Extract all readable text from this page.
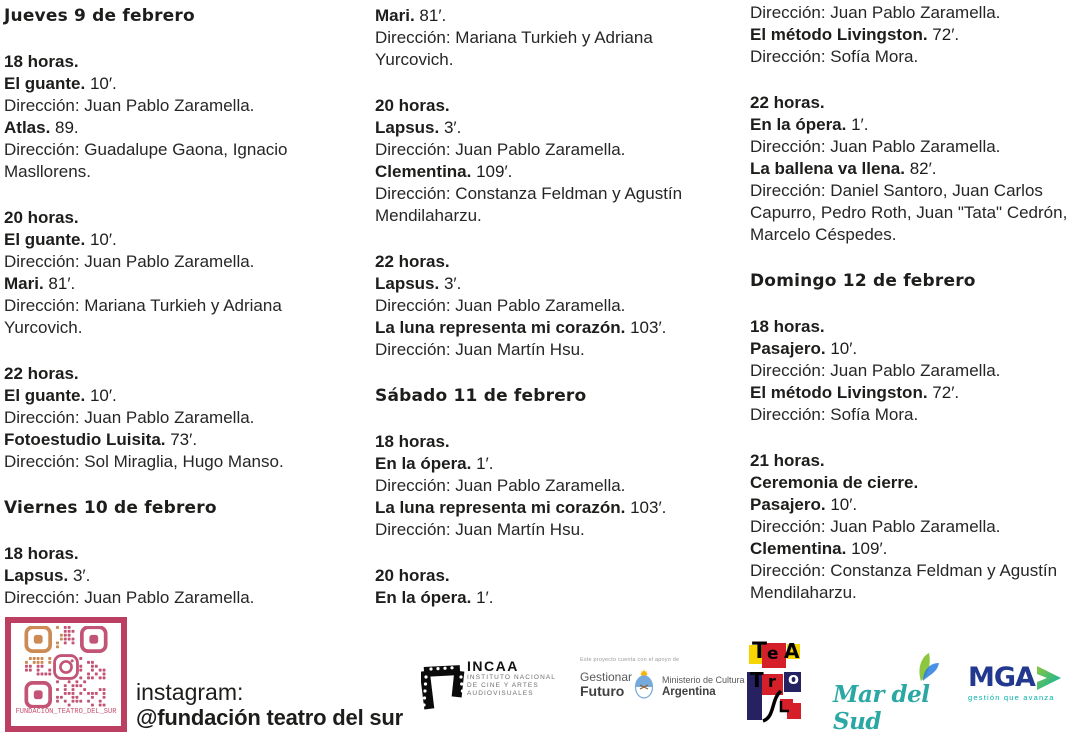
Jueves 9 de febrero
18 horas.
El guante. 10′.
Dirección: Juan Pablo Zaramella.
Atlas. 89.
Dirección: Guadalupe Gaona, Ignacio Masllorens.
20 horas.
El guante. 10′.
Dirección: Juan Pablo Zaramella.
Mari. 81′.
Dirección: Mariana Turkieh y Adriana Yurcovich.
22 horas.
El guante. 10′.
Dirección: Juan Pablo Zaramella.
Fotoestudio Luisita. 73′.
Dirección: Sol Miraglia, Hugo Manso.
Viernes 10 de febrero
18 horas.
Lapsus. 3′.
Dirección: Juan Pablo Zaramella.
Mari. 81′.
Dirección: Mariana Turkieh y Adriana Yurcovich.
20 horas.
Lapsus. 3′.
Dirección: Juan Pablo Zaramella.
Clementina. 109′.
Dirección: Constanza Feldman y Agustín Mendilaharzu.
22 horas.
Lapsus. 3′.
Dirección: Juan Pablo Zaramella.
La luna representa mi corazón. 103′.
Dirección: Juan Martín Hsu.
Sábado 11 de febrero
18 horas.
En la ópera. 1′.
Dirección: Juan Pablo Zaramella.
La luna representa mi corazón. 103′.
Dirección: Juan Martín Hsu.
20 horas.
En la ópera. 1′.
Dirección: Juan Pablo Zaramella.
El método Livingston. 72′.
Dirección: Sofía Mora.
22 horas.
En la ópera. 1′.
Dirección: Juan Pablo Zaramella.
La ballena va llena. 82′.
Dirección: Daniel Santoro, Juan Carlos Capurro, Pedro Roth, Juan "Tata" Cedrón, Marcelo Céspedes.
Domingo 12 de febrero
18 horas.
Pasajero. 10′.
Dirección: Juan Pablo Zaramella.
El método Livingston. 72′.
Dirección: Sofía Mora.
21 horas.
Ceremonia de cierre.
Pasajero. 10′.
Dirección: Juan Pablo Zaramella.
Clementina. 109′.
Dirección: Constanza Feldman y Agustín Mendilaharzu.
FUNDACION_TEATRO_DEL_SUR
instagram:
@fundación teatro del sur
INCAA
INSTITUTO NACIONAL
DE CINE Y ARTES
AUDIOVISUALES
Este proyecto cuenta con el apoyo de
Gestionar
Futuro
Ministerio de Cultura
Argentina
T e A
T r o
Mar del Sud
MGA
gestión que avanza
